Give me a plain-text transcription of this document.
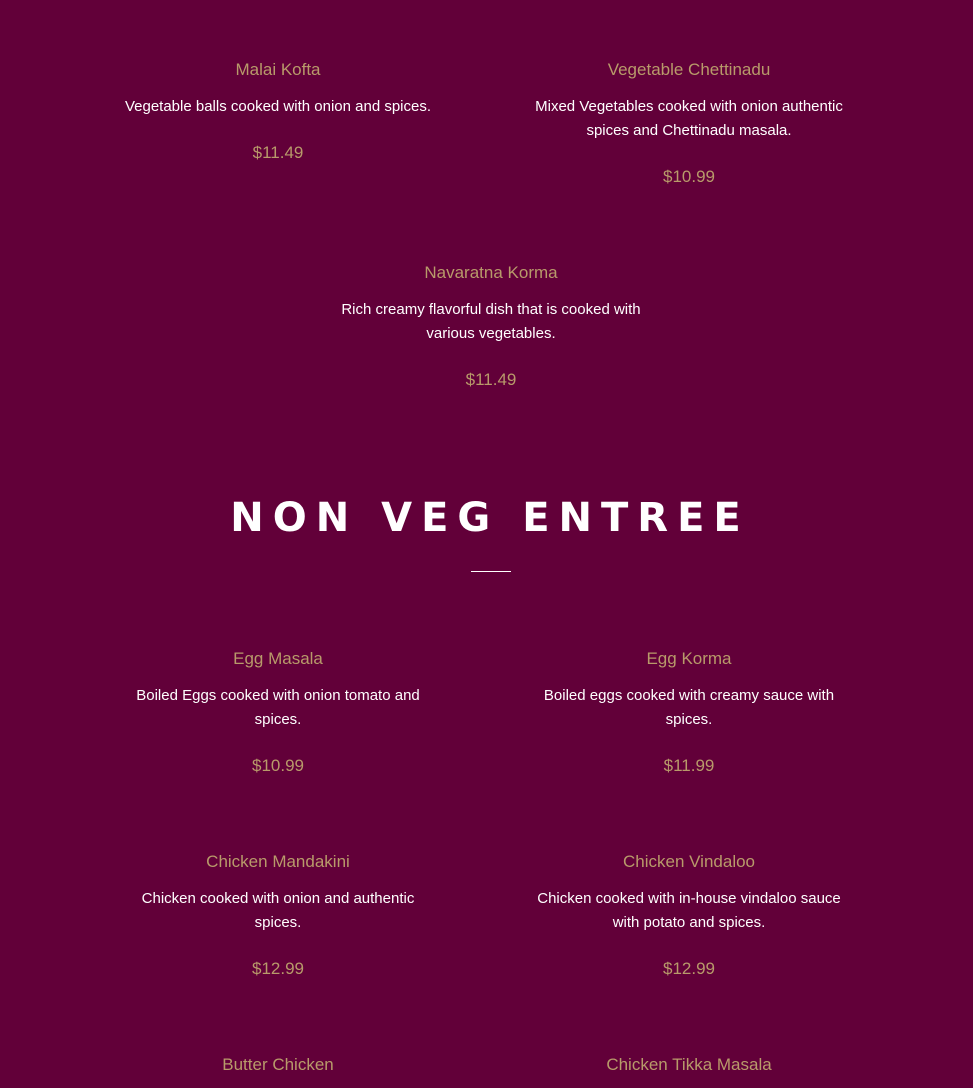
Malai Kofta

Vegetable balls cooked with onion and spices.

$11.49

Vegetable Chettinadu

Mixed Vegetables cooked with onion authentic spices and Chettinadu masala.

$10.99

Navaratna Korma

Rich creamy flavorful dish that is cooked with various vegetables.

$11.49

NON VEG ENTREE

Egg Masala

Boiled Eggs cooked with onion tomato and spices.

$10.99

Egg Korma

Boiled eggs cooked with creamy sauce with spices.

$11.99

Chicken Mandakini

Chicken cooked with onion and authentic spices.

$12.99

Chicken Vindaloo

Chicken cooked with in-house vindaloo sauce with potato and spices.

$12.99

Butter Chicken	Chicken Tikka Masala
